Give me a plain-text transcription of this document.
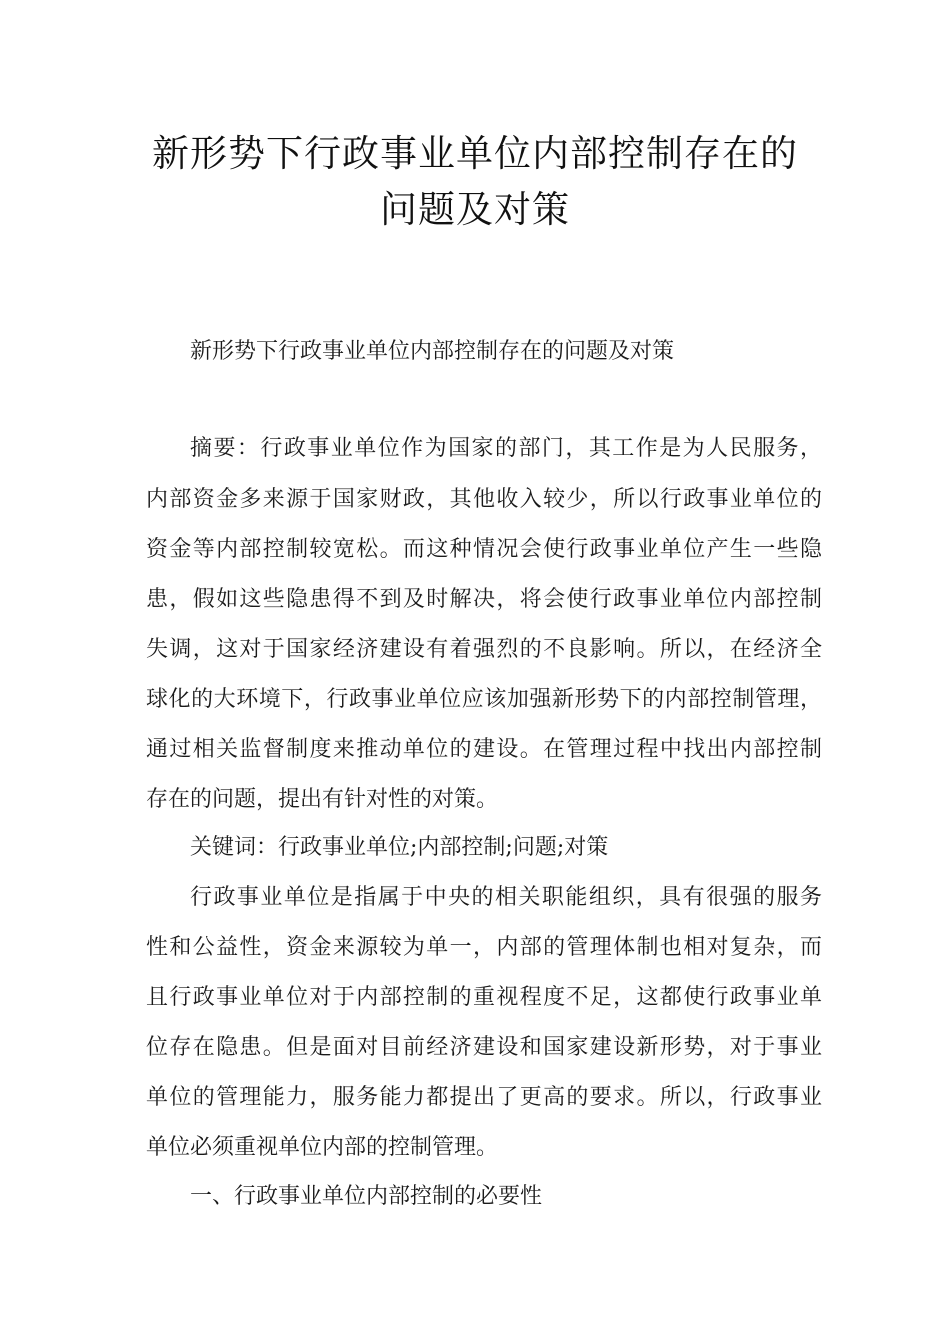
新形势下行政事业单位内部控制存在的
问题及对策
新形势下行政事业单位内部控制存在的问题及对策
摘要：行政事业单位作为国家的部门，其工作是为人民服务，
内部资金多来源于国家财政，其他收入较少，所以行政事业单位的
资金等内部控制较宽松。而这种情况会使行政事业单位产生一些隐
患，假如这些隐患得不到及时解决，将会使行政事业单位内部控制
失调，这对于国家经济建设有着强烈的不良影响。所以，在经济全
球化的大环境下，行政事业单位应该加强新形势下的内部控制管理，
通过相关监督制度来推动单位的建设。在管理过程中找出内部控制
存在的问题，提出有针对性的对策。
关键词：行政事业单位;内部控制;问题;对策
行政事业单位是指属于中央的相关职能组织，具有很强的服务
性和公益性，资金来源较为单一，内部的管理体制也相对复杂，而
且行政事业单位对于内部控制的重视程度不足，这都使行政事业单
位存在隐患。但是面对目前经济建设和国家建设新形势，对于事业
单位的管理能力，服务能力都提出了更高的要求。所以，行政事业
单位必须重视单位内部的控制管理。
一、行政事业单位内部控制的必要性
